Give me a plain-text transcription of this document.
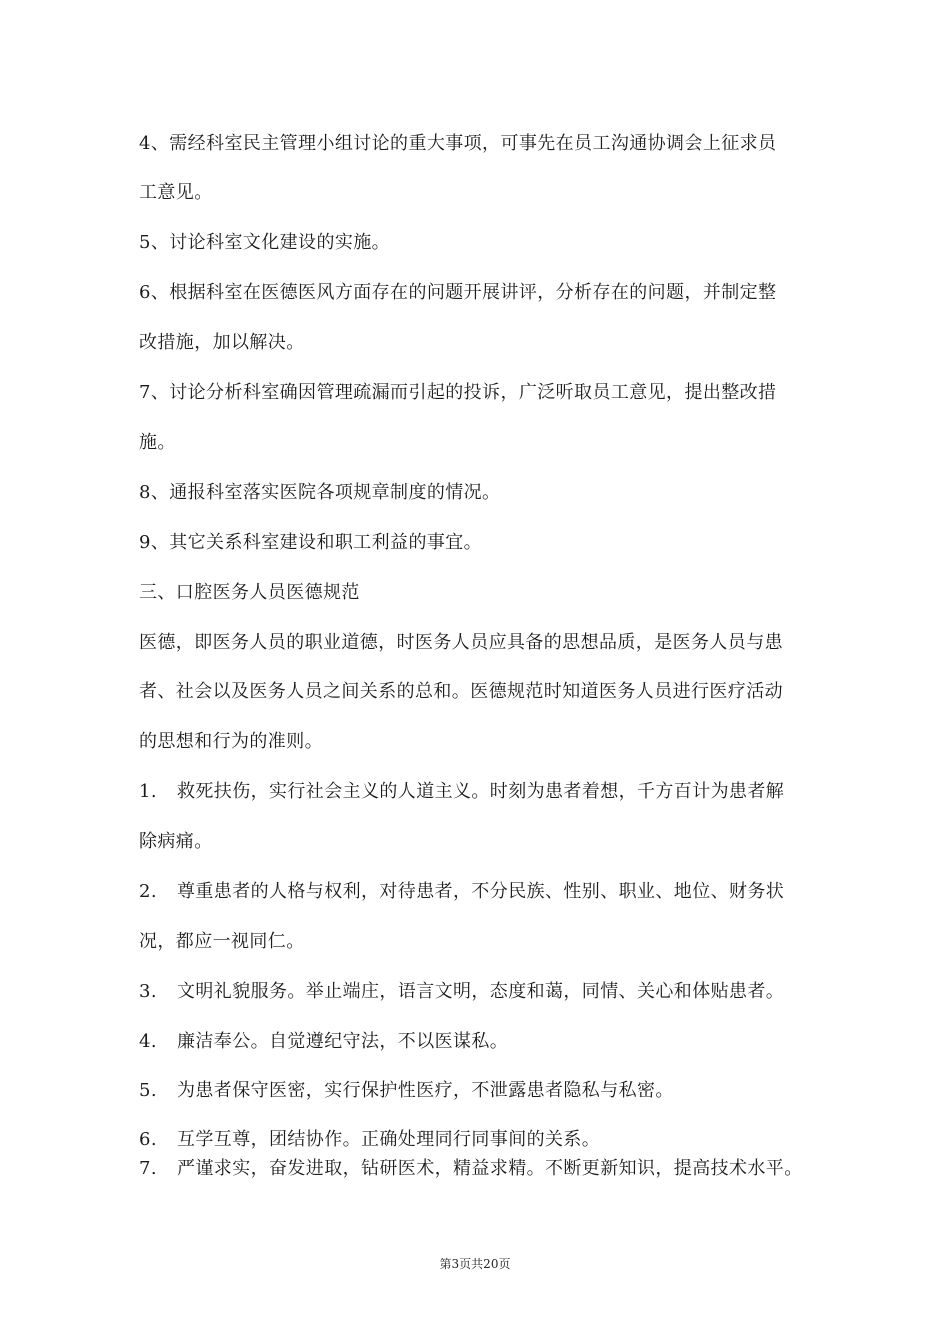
4、需经科室民主管理小组讨论的重大事项，可事先在员工沟通协调会上征求员
工意见。
5、讨论科室文化建设的实施。
6、根据科室在医德医风方面存在的问题开展讲评，分析存在的问题，并制定整
改措施，加以解决。
7、讨论分析科室确因管理疏漏而引起的投诉，广泛听取员工意见，提出整改措
施。
8、通报科室落实医院各项规章制度的情况。
9、其它关系科室建设和职工利益的事宜。
三、口腔医务人员医德规范
医德，即医务人员的职业道德，时医务人员应具备的思想品质，是医务人员与患
者、社会以及医务人员之间关系的总和。医德规范时知道医务人员进行医疗活动
的思想和行为的准则。
1. 救死扶伤，实行社会主义的人道主义。时刻为患者着想，千方百计为患者解
除病痛。
2. 尊重患者的人格与权利，对待患者，不分民族、性别、职业、地位、财务状
况，都应一视同仁。
3. 文明礼貌服务。举止端庄，语言文明，态度和蔼，同情、关心和体贴患者。
4. 廉洁奉公。自觉遵纪守法，不以医谋私。
5. 为患者保守医密，实行保护性医疗，不泄露患者隐私与私密。
6. 互学互尊，团结协作。正确处理同行同事间的关系。
7. 严谨求实，奋发进取，钻研医术，精益求精。不断更新知识，提高技术水平。
第3页共20页
